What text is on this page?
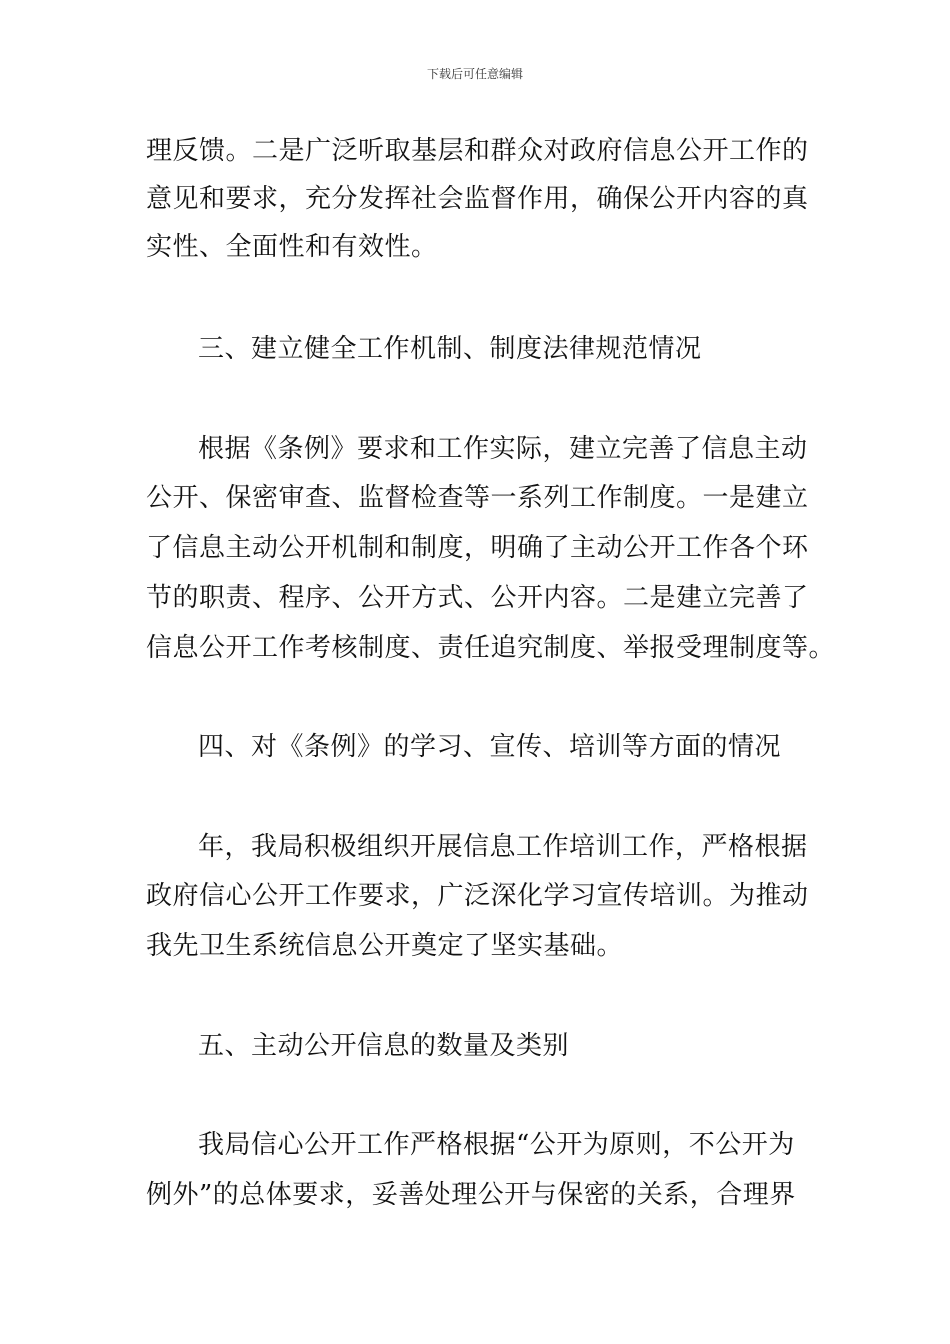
下载后可任意编辑
理反馈。二是广泛听取基层和群众对政府信息公开工作的
意见和要求，充分发挥社会监督作用，确保公开内容的真
实性、全面性和有效性。
三、建立健全工作机制、制度法律规范情况
根据《条例》要求和工作实际，建立完善了信息主动
公开、保密审查、监督检查等一系列工作制度。一是建立
了信息主动公开机制和制度，明确了主动公开工作各个环
节的职责、程序、公开方式、公开内容。二是建立完善了
信息公开工作考核制度、责任追究制度、举报受理制度等。
四、对《条例》的学习、宣传、培训等方面的情况
年，我局积极组织开展信息工作培训工作，严格根据
政府信心公开工作要求，广泛深化学习宣传培训。为推动
我先卫生系统信息公开奠定了坚实基础。
五、主动公开信息的数量及类别
我局信心公开工作严格根据“公开为原则，不公开为
例外”的总体要求，妥善处理公开与保密的关系，合理界
